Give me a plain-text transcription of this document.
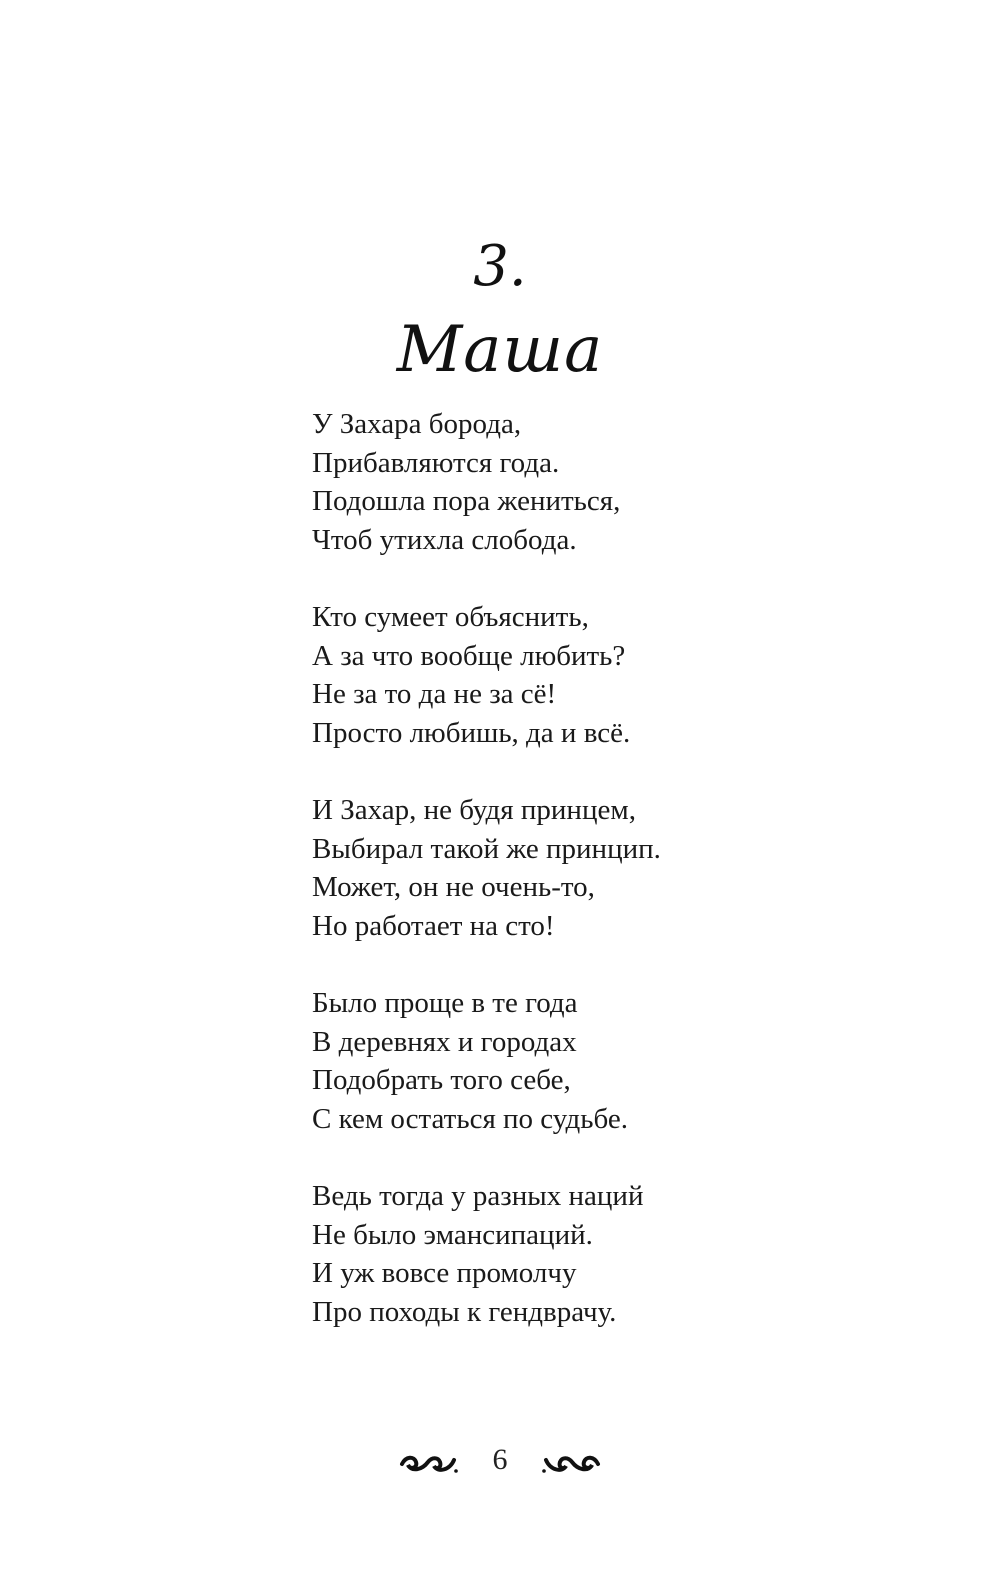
3.
Маша
У Захара борода,
Прибавляются года.
Подошла пора жениться,
Чтоб утихла слобода.
Кто сумеет объяснить,
А за что вообще любить?
Не за то да не за сё!
Просто любишь, да и всё.
И Захар, не будя принцем,
Выбирал такой же принцип.
Может, он не очень-то,
Но работает на сто!
Было проще в те года
В деревнях и городах
Подобрать того себе,
С кем остаться по судьбе.
Ведь тогда у разных наций
Не было эмансипаций.
И уж вовсе промолчу
Про походы к гендврачу.
6
